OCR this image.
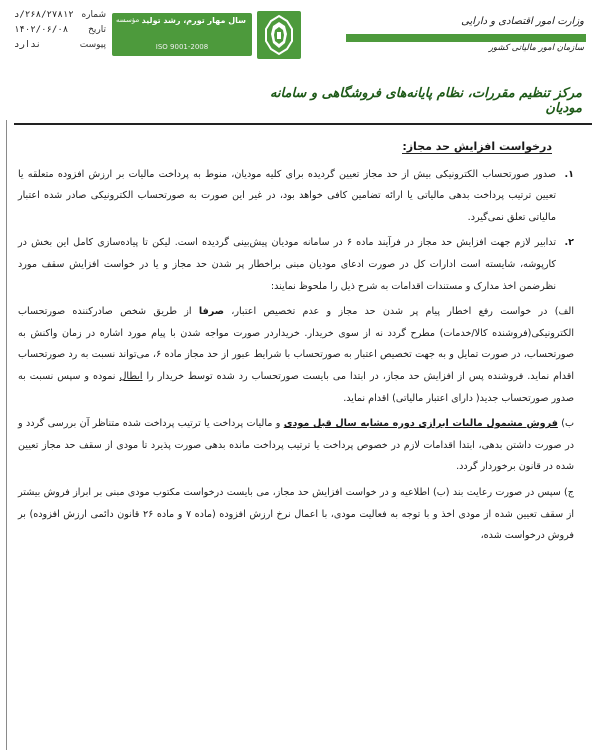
شماره
۲۶۸/۲۷۸۱۲/د
تاریخ
۱۴۰۲/۰۶/۰۸
پیوست
ندارد
سال مهار تورم، رشد تولید
مؤسسه
ISO 9001-2008
وزارت امور اقتصادی و دارایی
سازمان امور مالیاتی کشور
مرکز تنظیم مقررات، نظام پایانه‌های فروشگاهی و سامانه مودیان
درخواست افزایش حد مجاز:
۱.
صدور صورتحساب الکترونیکی بیش از حد مجاز تعیین گردیده برای کلیه مودیان، منوط به پرداخت مالیات بر ارزش افزوده متعلقه یا تعیین ترتیب پرداخت بدهی مالیاتی یا ارائه تضامین کافی خواهد بود، در غیر این صورت به صورتحساب الکترونیکی صادر شده اعتبار مالیاتی تعلق نمی‌گیرد.
۲.
تدابیر لازم جهت افزایش حد مجاز در فرآیند ماده ۶ در سامانه مودیان پیش‌بینی گردیده است. لیکن تا پیاده‌سازی کامل این بخش در کارپوشه، شایسته است ادارات کل در صورت ادعای مودیان مبنی براخطار پر شدن حد مجاز و یا در خواست افزایش سقف مورد نظرضمن اخذ مدارک و مستندات اقدامات به شرح ذیل را ملحوظ نمایند:

الف) در خواست رفع اخطار پیام پر شدن حد مجاز و عدم تخصیص اعتبار، صرفا از طریق شخص صادرکننده صورتحساب الکترونیکی(فروشنده کالا/خدمات) مطرح گردد نه از سوی خریدار. خریداردر صورت مواجه شدن با پیام مورد اشاره در زمان واکنش به صورتحساب، در صورت تمایل و به جهت تخصیص اعتبار به صورتحساب با شرایط عبور از حد مجاز ماده ۶، می‌تواند نسبت به رد صورتحساب اقدام نماید. فروشنده پس از افزایش حد مجاز، در ابتدا می بایست صورتحساب رد شده توسط خریدار را ابطال نموده و سپس نسبت به صدور صورتحساب جدید( دارای اعتبار مالیاتی) اقدام نماید.

ب) فروش مشمول مالیات ابرازی دوره مشابه سال قبل مودی و مالیات پرداخت یا ترتیب پرداخت شده متناظر آن بررسی گردد و در صورت داشتن بدهی، ابتدا اقدامات لازم در خصوص پرداخت یا ترتیب پرداخت مانده بدهی صورت پذیرد تا مودی از سقف حد مجاز تعیین شده در قانون برخوردار گردد.

ج) سپس در صورت رعایت بند (ب) اطلاعیه و در خواست افزایش حد مجاز، می بایست درخواست مکتوب مودی مبنی بر ابراز فروش بیشتر از سقف تعیین شده از مودی اخذ و با توجه به فعالیت مودی، با اعمال نرخ ارزش افزوده (ماده ۷ و ماده ۲۶ قانون دائمی ارزش افزوده) بر فروش درخواست شده،
